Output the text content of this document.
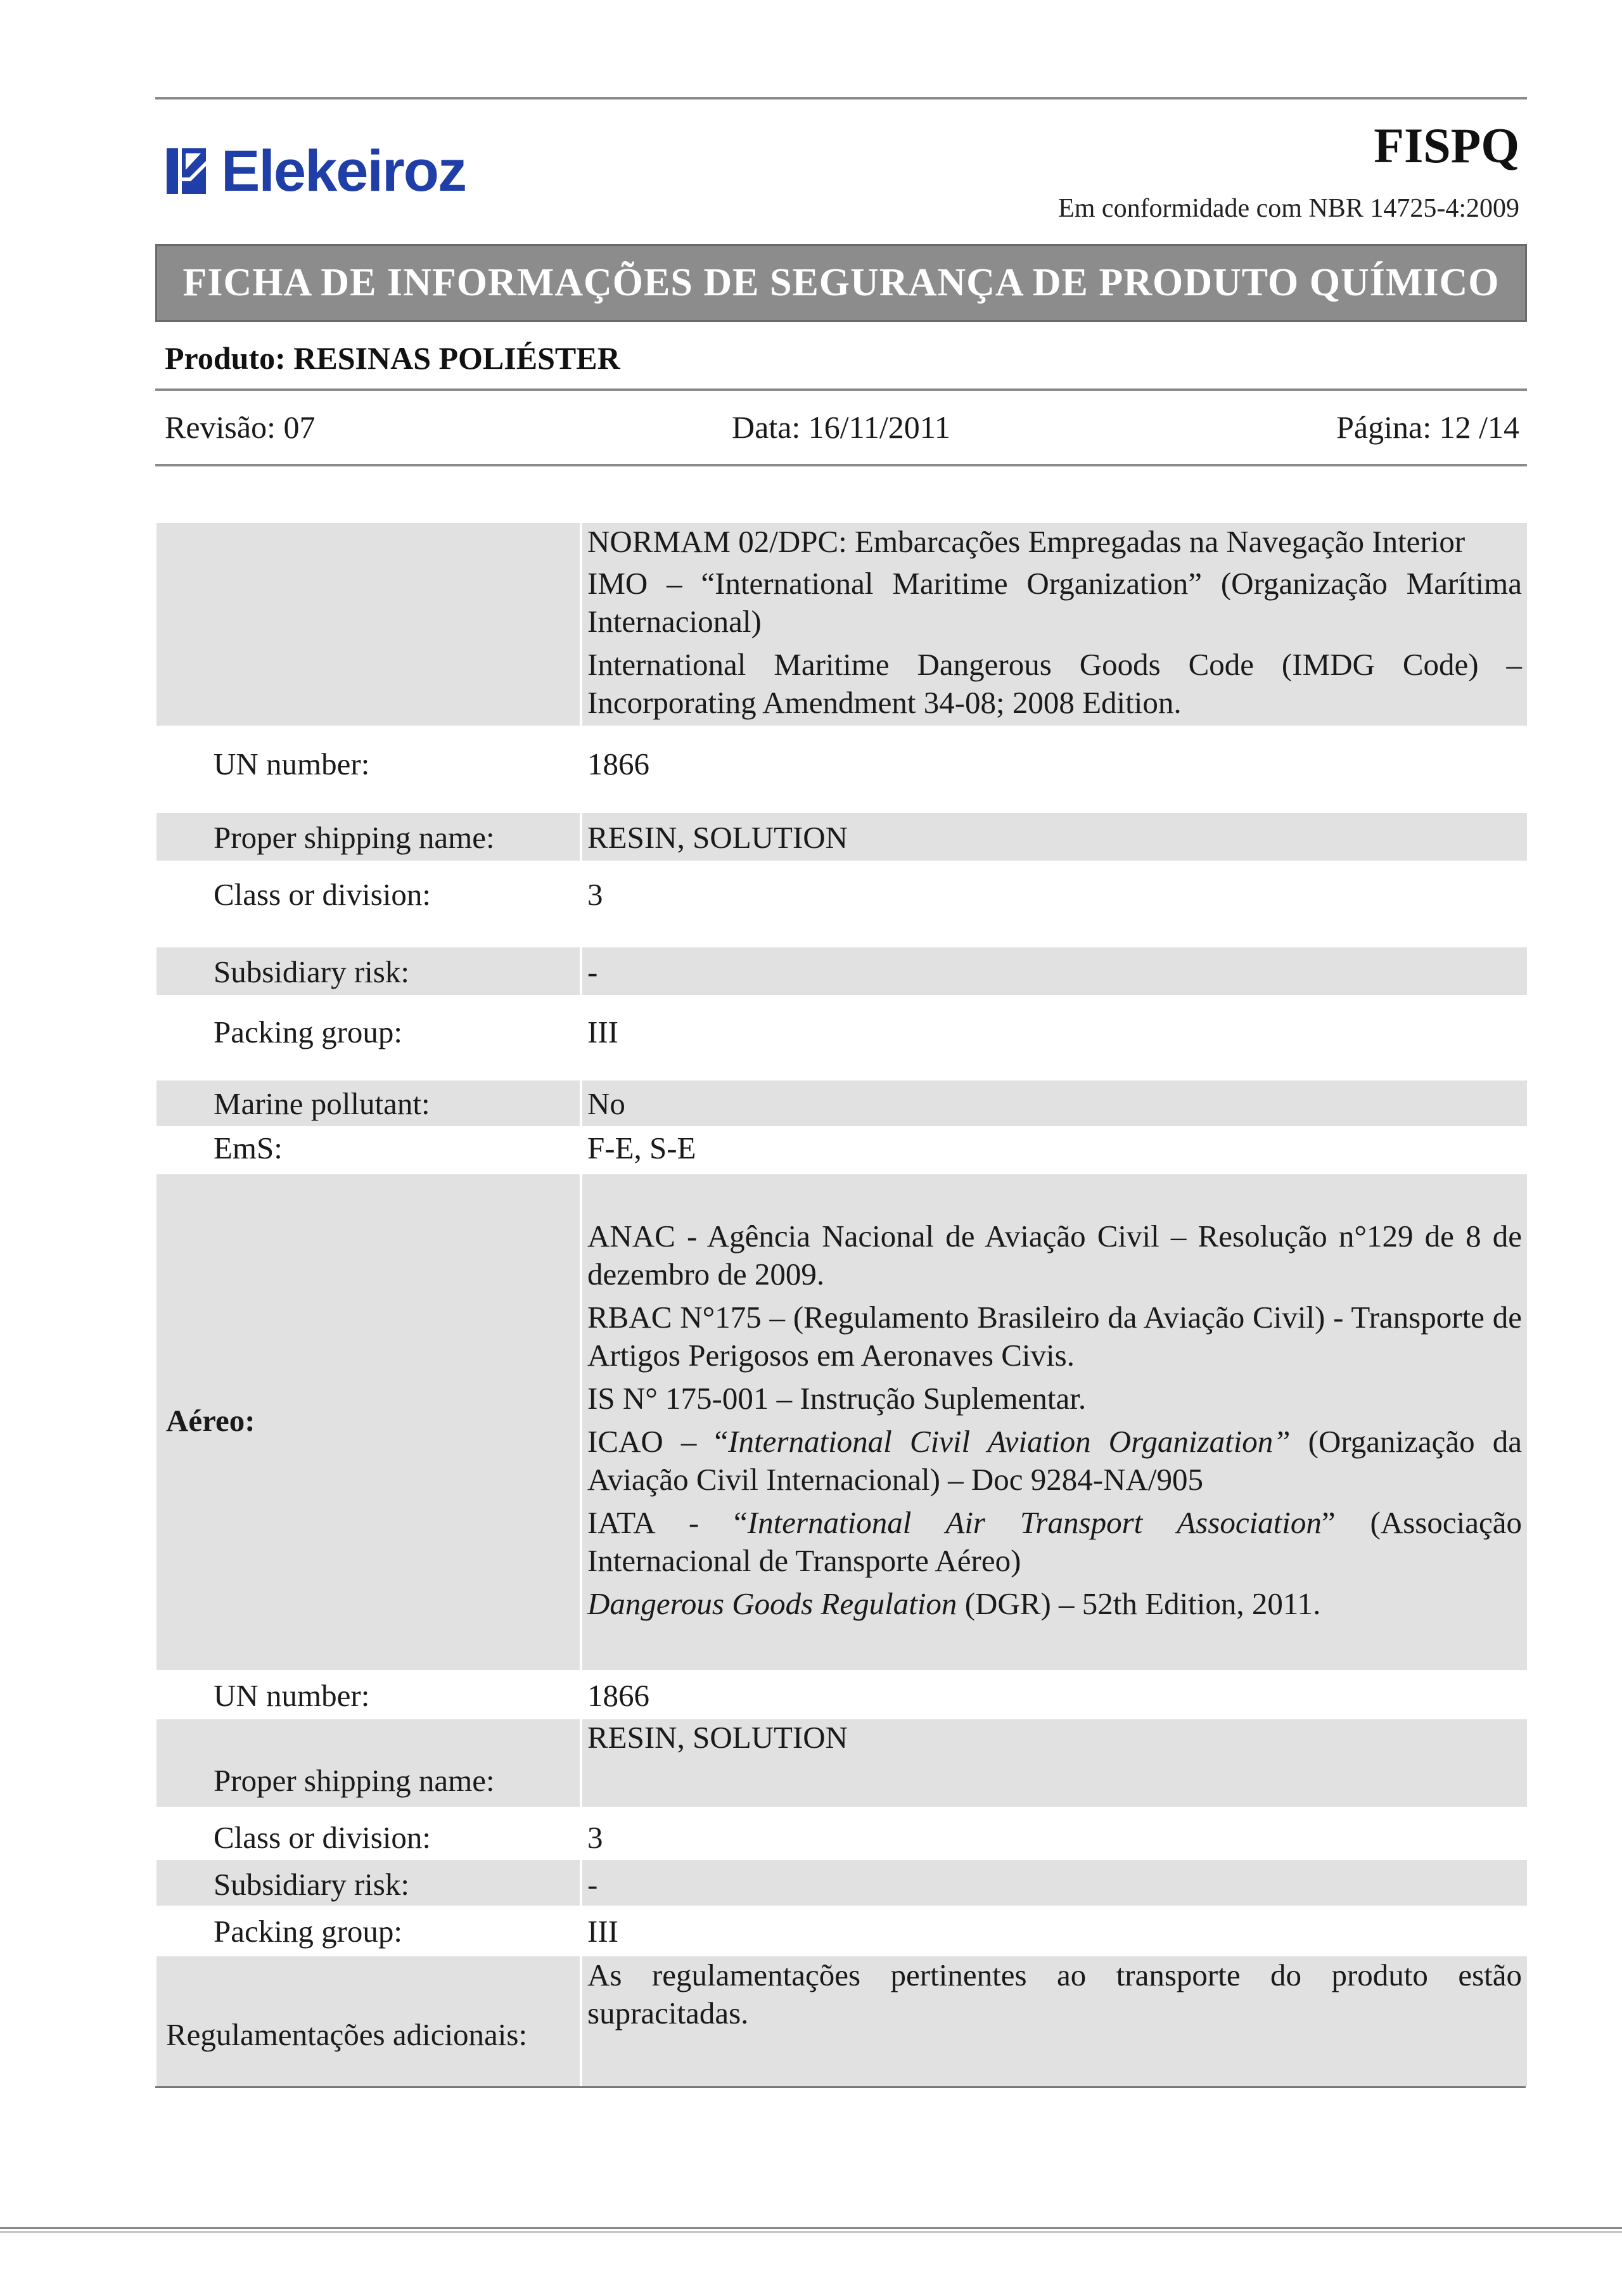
Elekeiroz	FISPQ
Em conformidade com NBR 14725-4:2009
FICHA DE INFORMAÇÕES DE SEGURANÇA DE PRODUTO QUÍMICO
Produto: RESINAS POLIÉSTER
Revisão: 07	Data: 16/11/2011	Página: 12 /14

NORMAM 02/DPC: Embarcações Empregadas na Navegação Interior

IMO – “International Maritime Organization” (Organização Marítima Internacional)

International Maritime Dangerous Goods Code (IMDG Code) – Incorporating Amendment 34-08; 2008 Edition.

UN number:	1866
Proper shipping name:	RESIN, SOLUTION
Class or division:	3
Subsidiary risk:	-
Packing group:	III
Marine pollutant:	No
EmS:	F-E, S-E
Aéreo:

ANAC - Agência Nacional de Aviação Civil – Resolução n°129 de 8 de dezembro de 2009.

RBAC N°175 – (Regulamento Brasileiro da Aviação Civil) - Transporte de Artigos Perigosos em Aeronaves Civis.

IS N° 175-001 – Instrução Suplementar.

ICAO – “International Civil Aviation Organization” (Organização da Aviação Civil Internacional) – Doc 9284-NA/905

IATA - “International Air Transport Association” (Associação Internacional de Transporte Aéreo)

Dangerous Goods Regulation (DGR) – 52th Edition, 2011.

UN number:	1866
Proper shipping name:
RESIN, SOLUTION
Class or division:	3
Subsidiary risk:	-
Packing group:	III
Regulamentações adicionais:

As regulamentações pertinentes ao transporte do produto estão supracitadas.
